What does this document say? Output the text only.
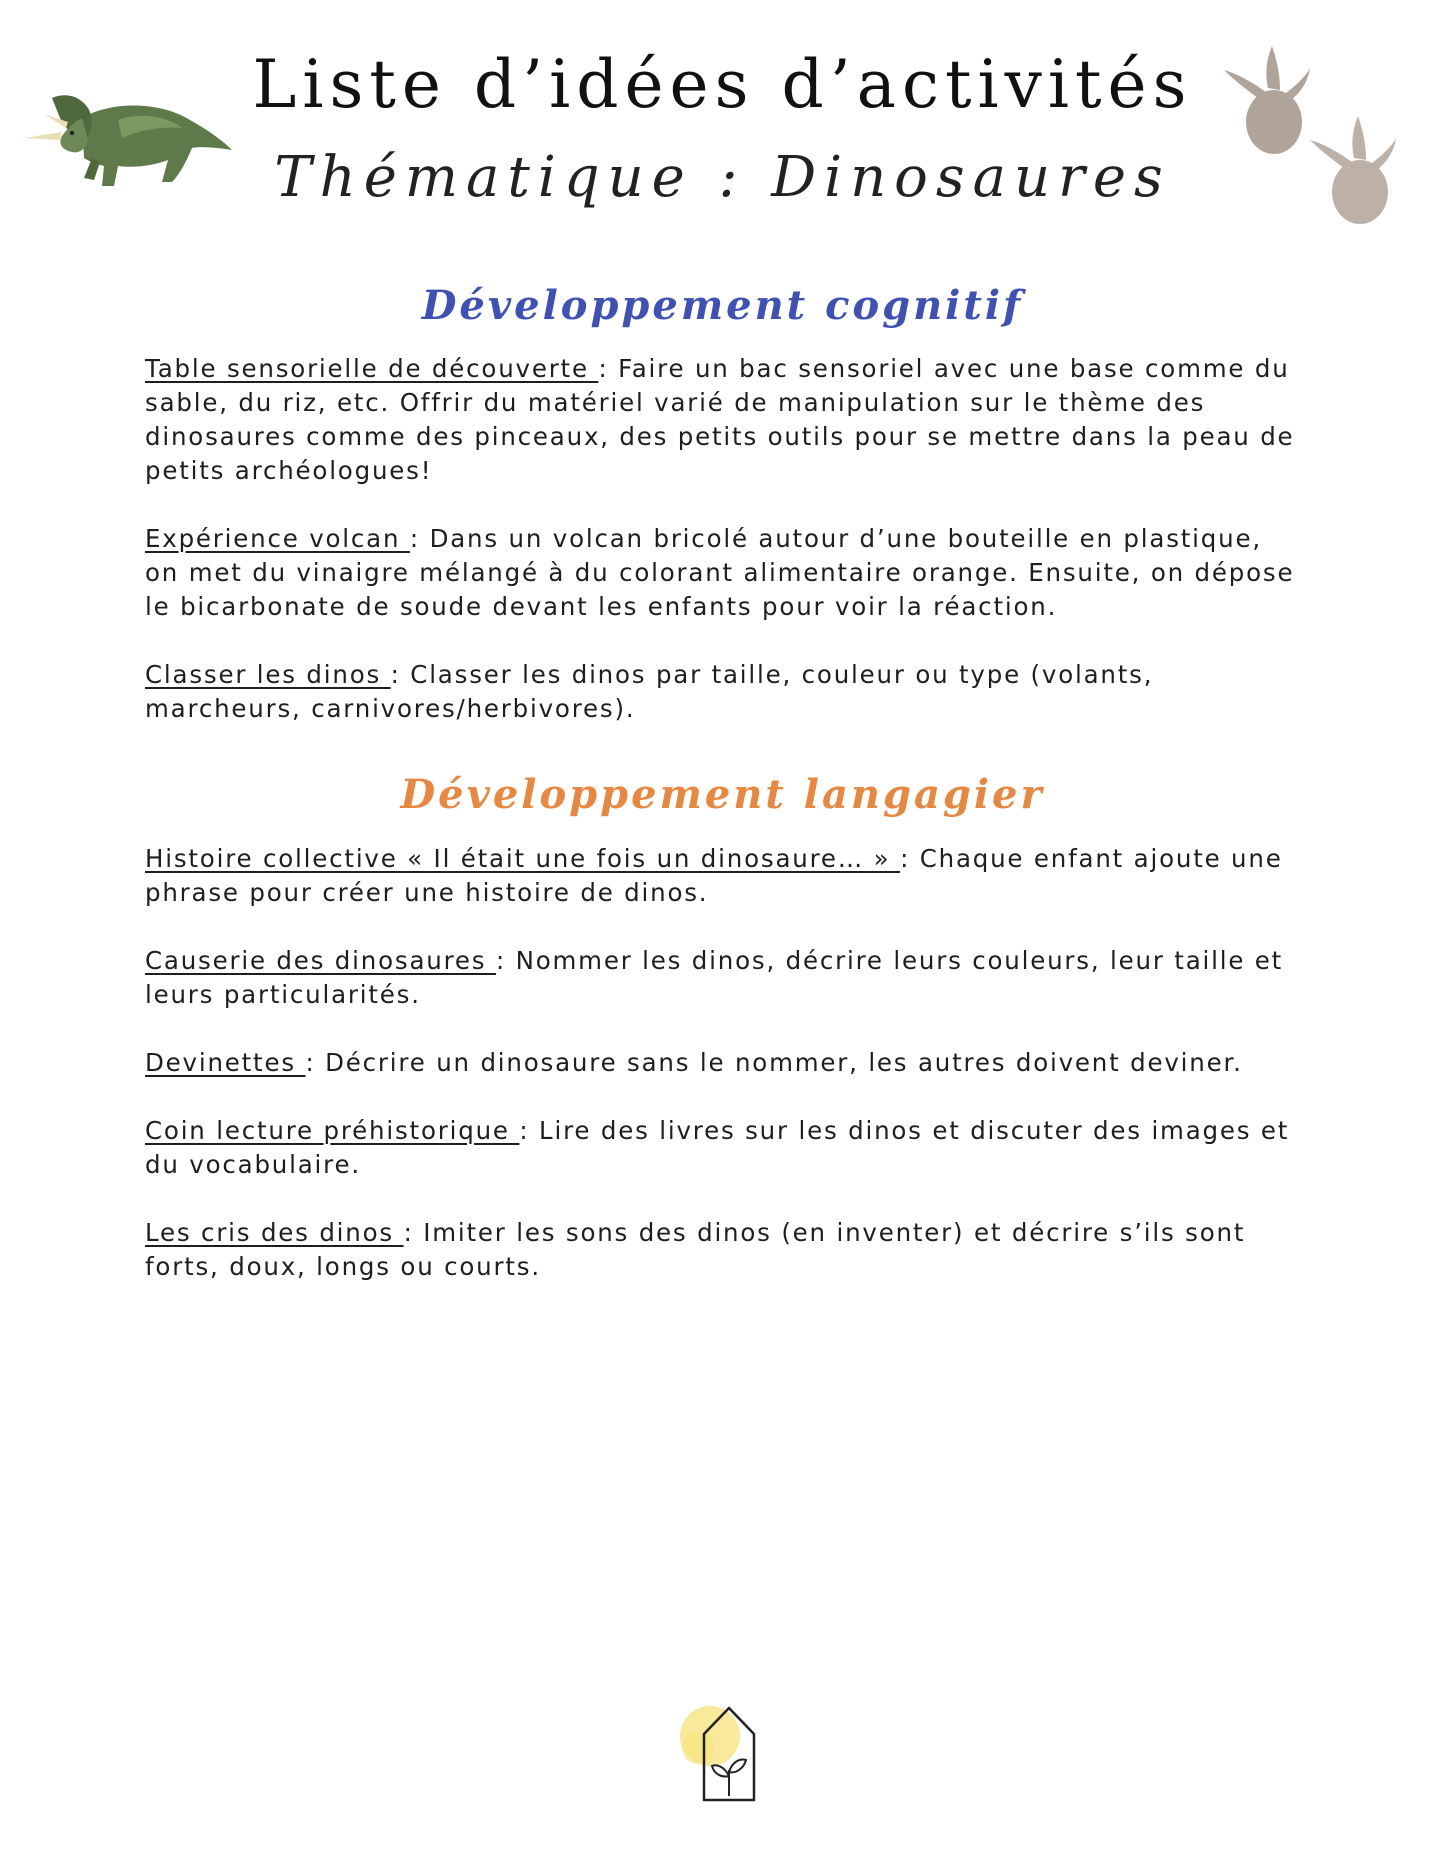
Liste d’idées d’activités
Thématique : Dinosaures
Développement cognitif
Table sensorielle de découverte : Faire un bac sensoriel avec une base comme du sable, du riz, etc. Offrir du matériel varié de manipulation sur le thème des dinosaures comme des pinceaux, des petits outils pour se mettre dans la peau de petits archéologues!
Expérience volcan : Dans un volcan bricolé autour d’une bouteille en plastique, on met du vinaigre mélangé à du colorant alimentaire orange. Ensuite, on dépose le bicarbonate de soude devant les enfants pour voir la réaction.
Classer les dinos : Classer les dinos par taille, couleur ou type (volants, marcheurs, carnivores/herbivores).
Développement langagier
Histoire collective « Il était une fois un dinosaure… » : Chaque enfant ajoute une phrase pour créer une histoire de dinos.
Causerie des dinosaures : Nommer les dinos, décrire leurs couleurs, leur taille et leurs particularités.
Devinettes : Décrire un dinosaure sans le nommer, les autres doivent deviner.
Coin lecture préhistorique : Lire des livres sur les dinos et discuter des images et du vocabulaire.
Les cris des dinos : Imiter les sons des dinos (en inventer) et décrire s’ils sont forts, doux, longs ou courts.
